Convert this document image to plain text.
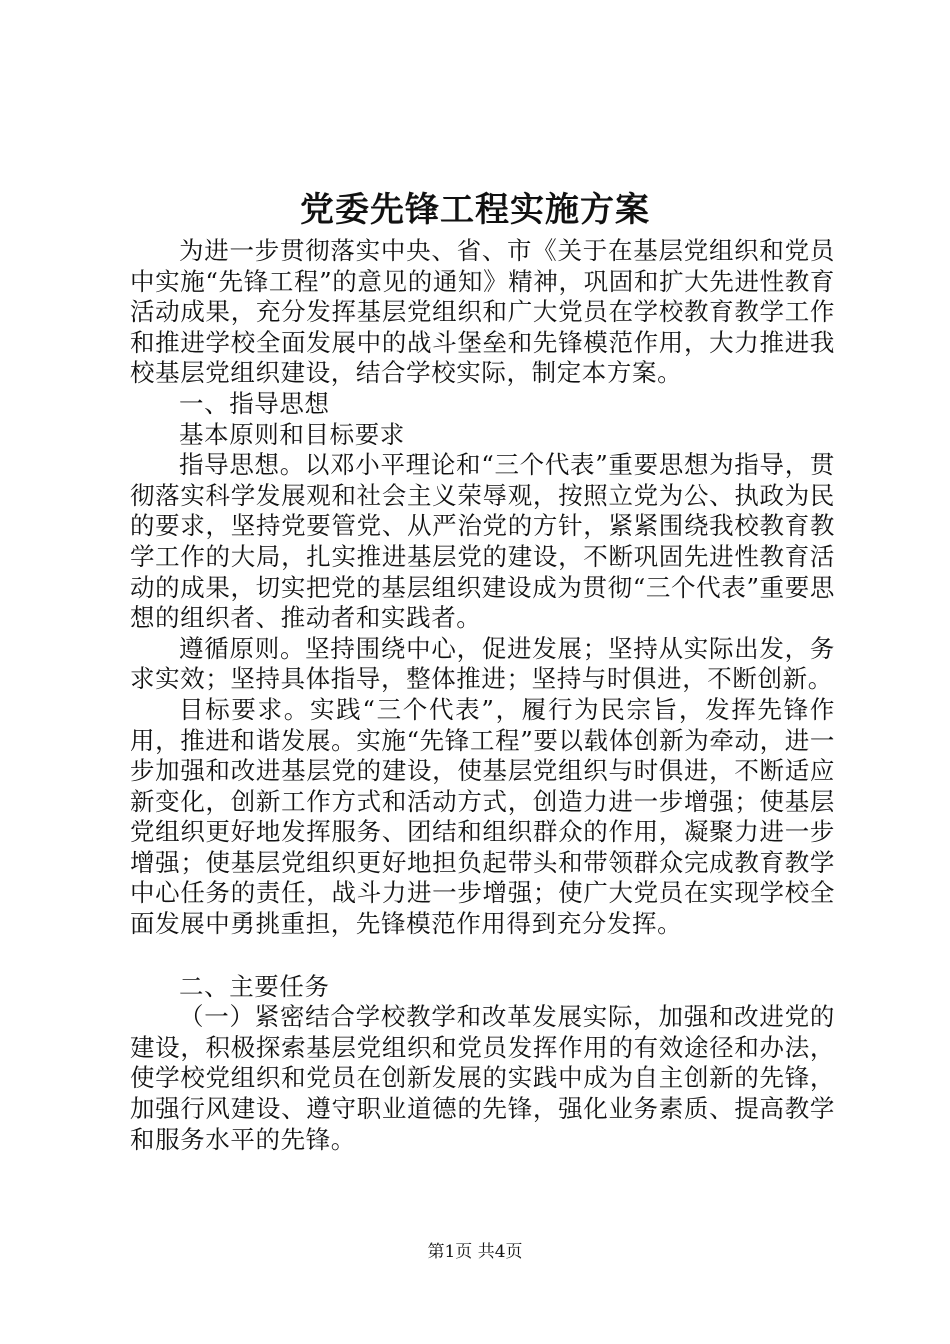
党委先锋工程实施方案

为进一步贯彻落实中央、省、市《关于在基层党组织和党员中实施“先锋工程”的意见的通知》精神，巩固和扩大先进性教育活动成果，充分发挥基层党组织和广大党员在学校教育教学工作和推进学校全面发展中的战斗堡垒和先锋模范作用，大力推进我校基层党组织建设，结合学校实际，制定本方案。

一、指导思想

基本原则和目标要求

指导思想。以邓小平理论和“三个代表”重要思想为指导，贯彻落实科学发展观和社会主义荣辱观，按照立党为公、执政为民的要求，坚持党要管党、从严治党的方针，紧紧围绕我校教育教学工作的大局，扎实推进基层党的建设，不断巩固先进性教育活动的成果，切实把党的基层组织建设成为贯彻“三个代表”重要思想的组织者、推动者和实践者。

遵循原则。坚持围绕中心，促进发展；坚持从实际出发，务求实效；坚持具体指导，整体推进；坚持与时俱进，不断创新。

目标要求。实践“三个代表”，履行为民宗旨，发挥先锋作用，推进和谐发展。实施“先锋工程”要以载体创新为牵动，进一步加强和改进基层党的建设，使基层党组织与时俱进，不断适应新变化，创新工作方式和活动方式，创造力进一步增强；使基层党组织更好地发挥服务、团结和组织群众的作用，凝聚力进一步增强；使基层党组织更好地担负起带头和带领群众完成教育教学中心任务的责任，战斗力进一步增强；使广大党员在实现学校全面发展中勇挑重担，先锋模范作用得到充分发挥。

二、主要任务

（一）紧密结合学校教学和改革发展实际，加强和改进党的建设，积极探索基层党组织和党员发挥作用的有效途径和办法，使学校党组织和党员在创新发展的实践中成为自主创新的先锋，加强行风建设、遵守职业道德的先锋，强化业务素质、提高教学和服务水平的先锋。

第1页 共4页
